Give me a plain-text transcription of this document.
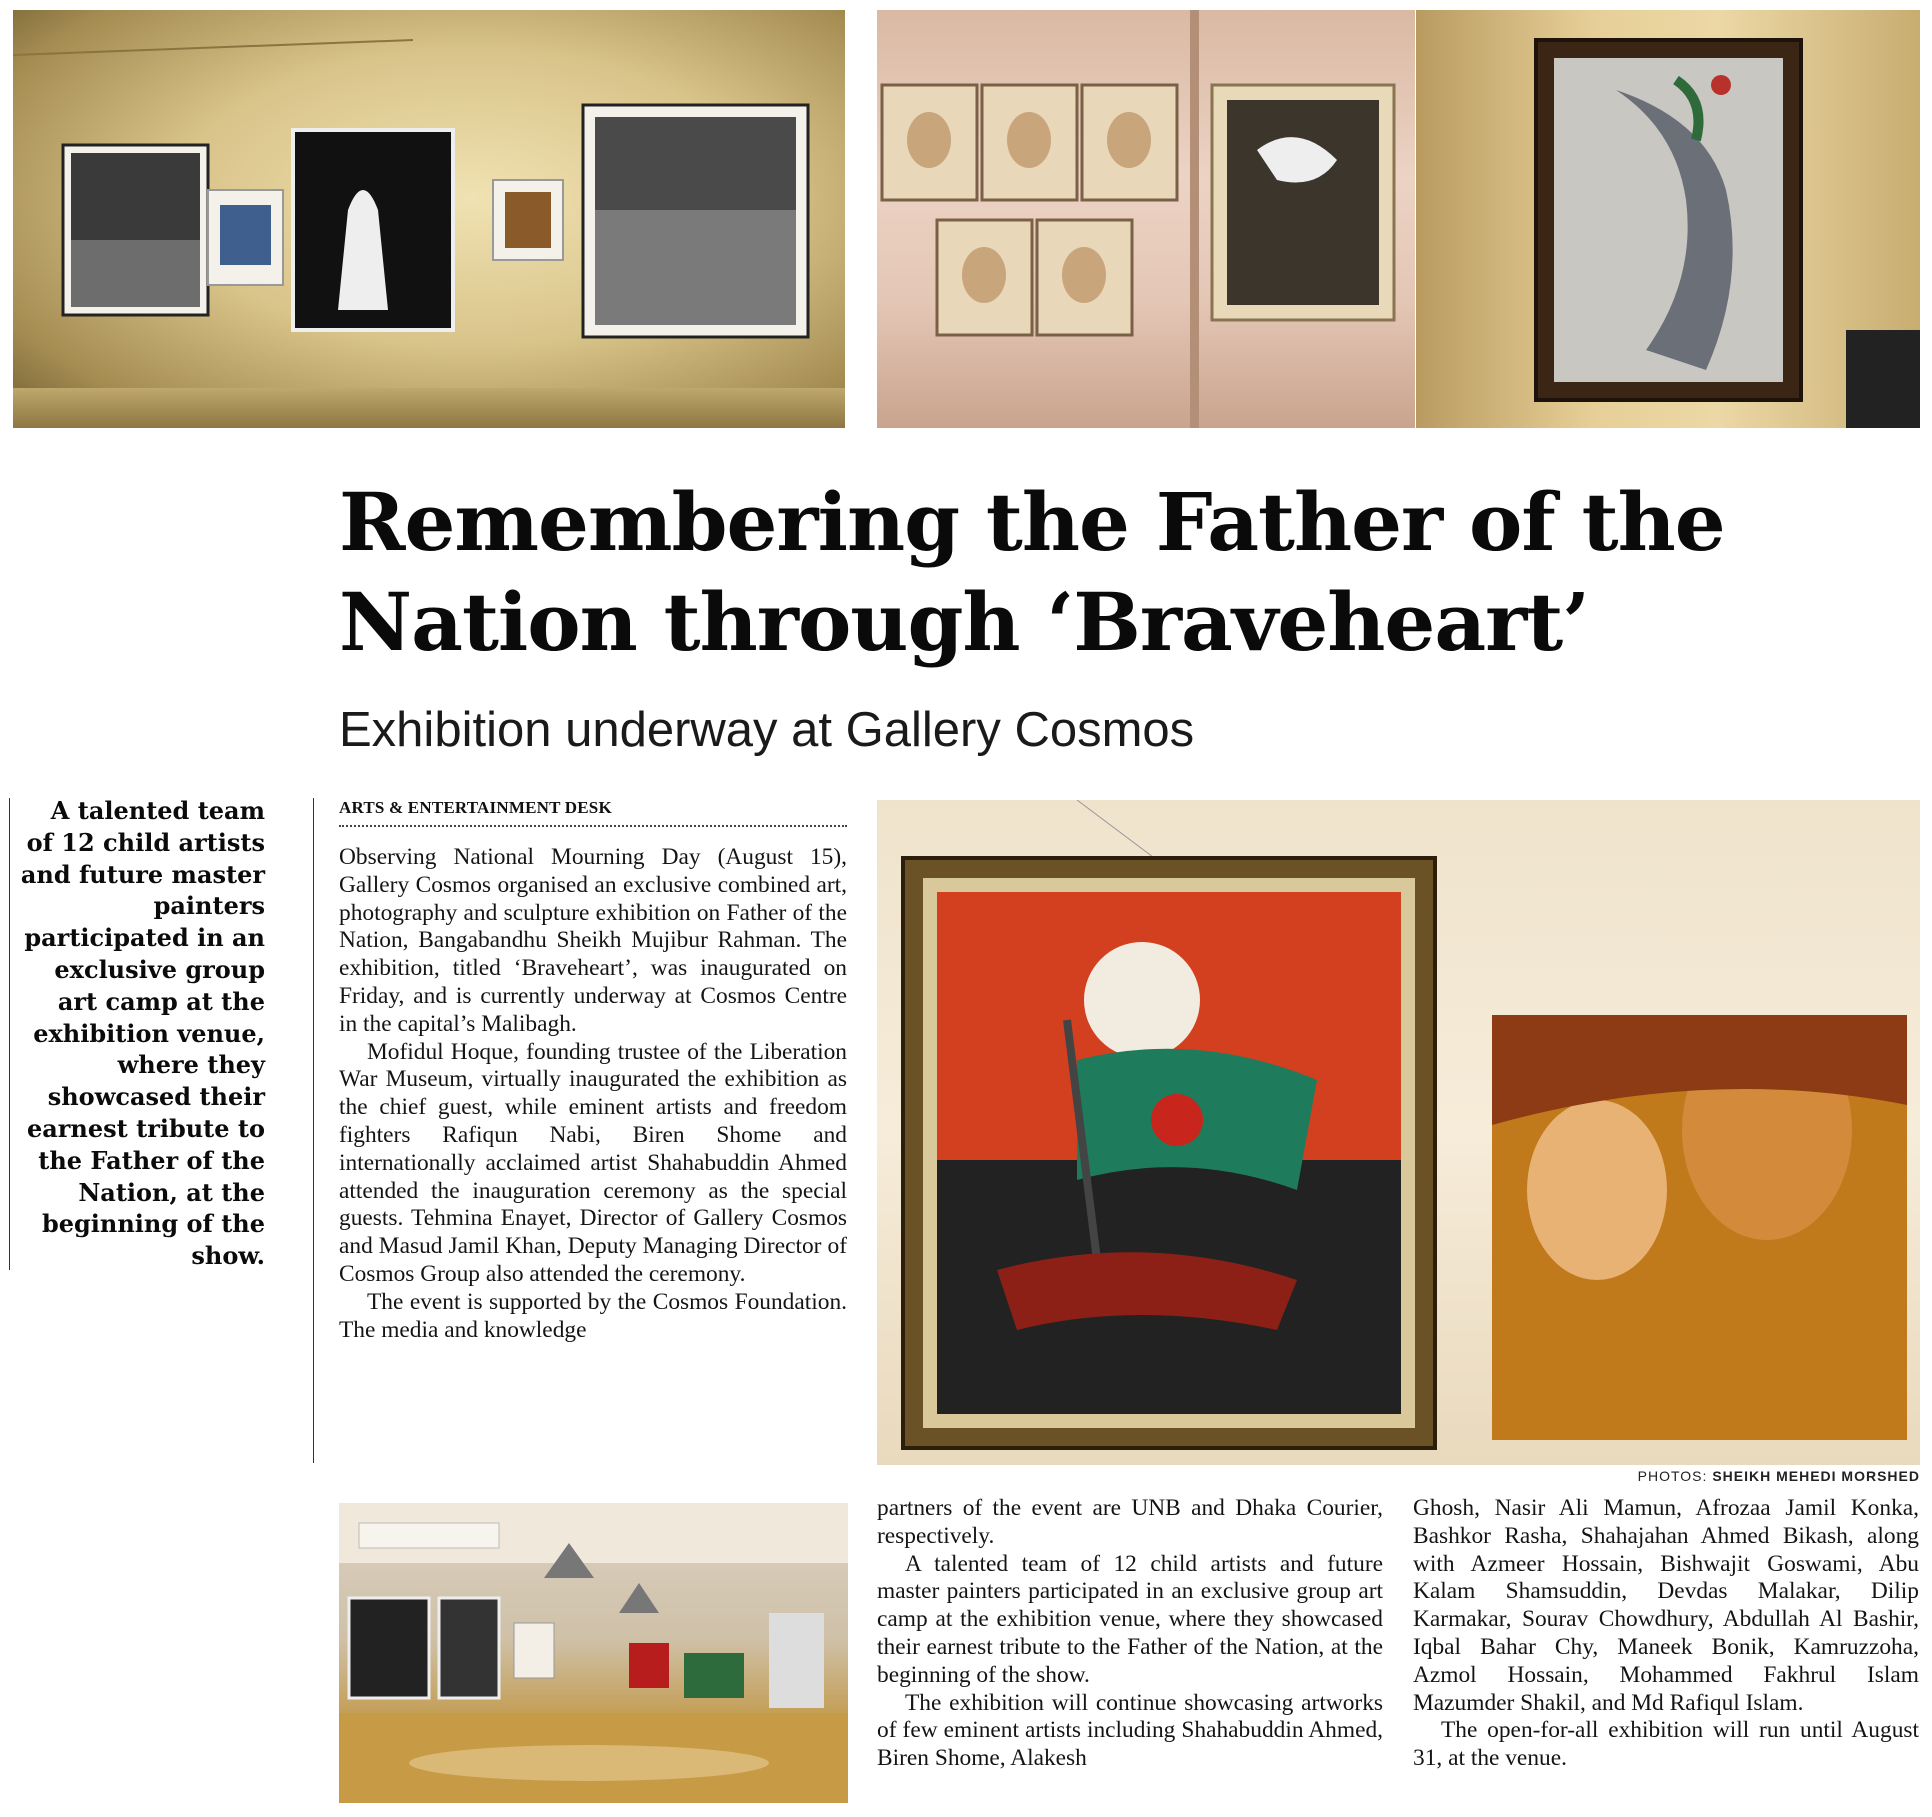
Remembering the Father of the
Nation through ‘Braveheart’
Exhibition underway at Gallery Cosmos
A talented team of 12 child artists and future master painters participated in an exclusive group art camp at the exhibition venue, where they showcased their earnest tribute to the Father of the Nation, at the beginning of the show.
ARTS & ENTERTAINMENT DESK

Observing National Mourning Day (August 15), Gallery Cosmos organised an exclusive combined art, photography and sculpture exhibition on Father of the Nation, Bangabandhu Sheikh Mujibur Rahman. The exhibition, titled ‘Braveheart’, was inaugurated on Friday, and is currently underway at Cosmos Centre in the capital’s Malibagh.

Mofidul Hoque, founding trustee of the Liberation War Museum, virtually inaugurated the exhibition as the chief guest, while eminent artists and freedom fighters Rafiqun Nabi, Biren Shome and internationally acclaimed artist Shahabuddin Ahmed attended the inauguration ceremony as the special guests. Tehmina Enayet, Director of Gallery Cosmos and Masud Jamil Khan, Deputy Managing Director of Cosmos Group also attended the ceremony.

The event is supported by the Cosmos Foundation. The media and knowledge

PHOTOS: SHEIKH MEHEDI MORSHED

partners of the event are UNB and Dhaka Courier, respectively.

A talented team of 12 child artists and future master painters participated in an exclusive group art camp at the exhibition venue, where they showcased their earnest tribute to the Father of the Nation, at the beginning of the show.

The exhibition will continue showcasing artworks of few eminent artists including Shahabuddin Ahmed, Biren Shome, Alakesh

Ghosh, Nasir Ali Mamun, Afrozaa Jamil Konka, Bashkor Rasha, Shahajahan Ahmed Bikash, along with Azmeer Hossain, Bishwajit Goswami, Abu Kalam Shamsuddin, Devdas Malakar, Dilip Karmakar, Sourav Chowdhury, Abdullah Al Bashir, Iqbal Bahar Chy, Maneek Bonik, Kamruzzoha, Azmol Hossain, Mohammed Fakhrul Islam Mazumder Shakil, and Md Rafiqul Islam.

The open-for-all exhibition will run until August 31, at the venue.
